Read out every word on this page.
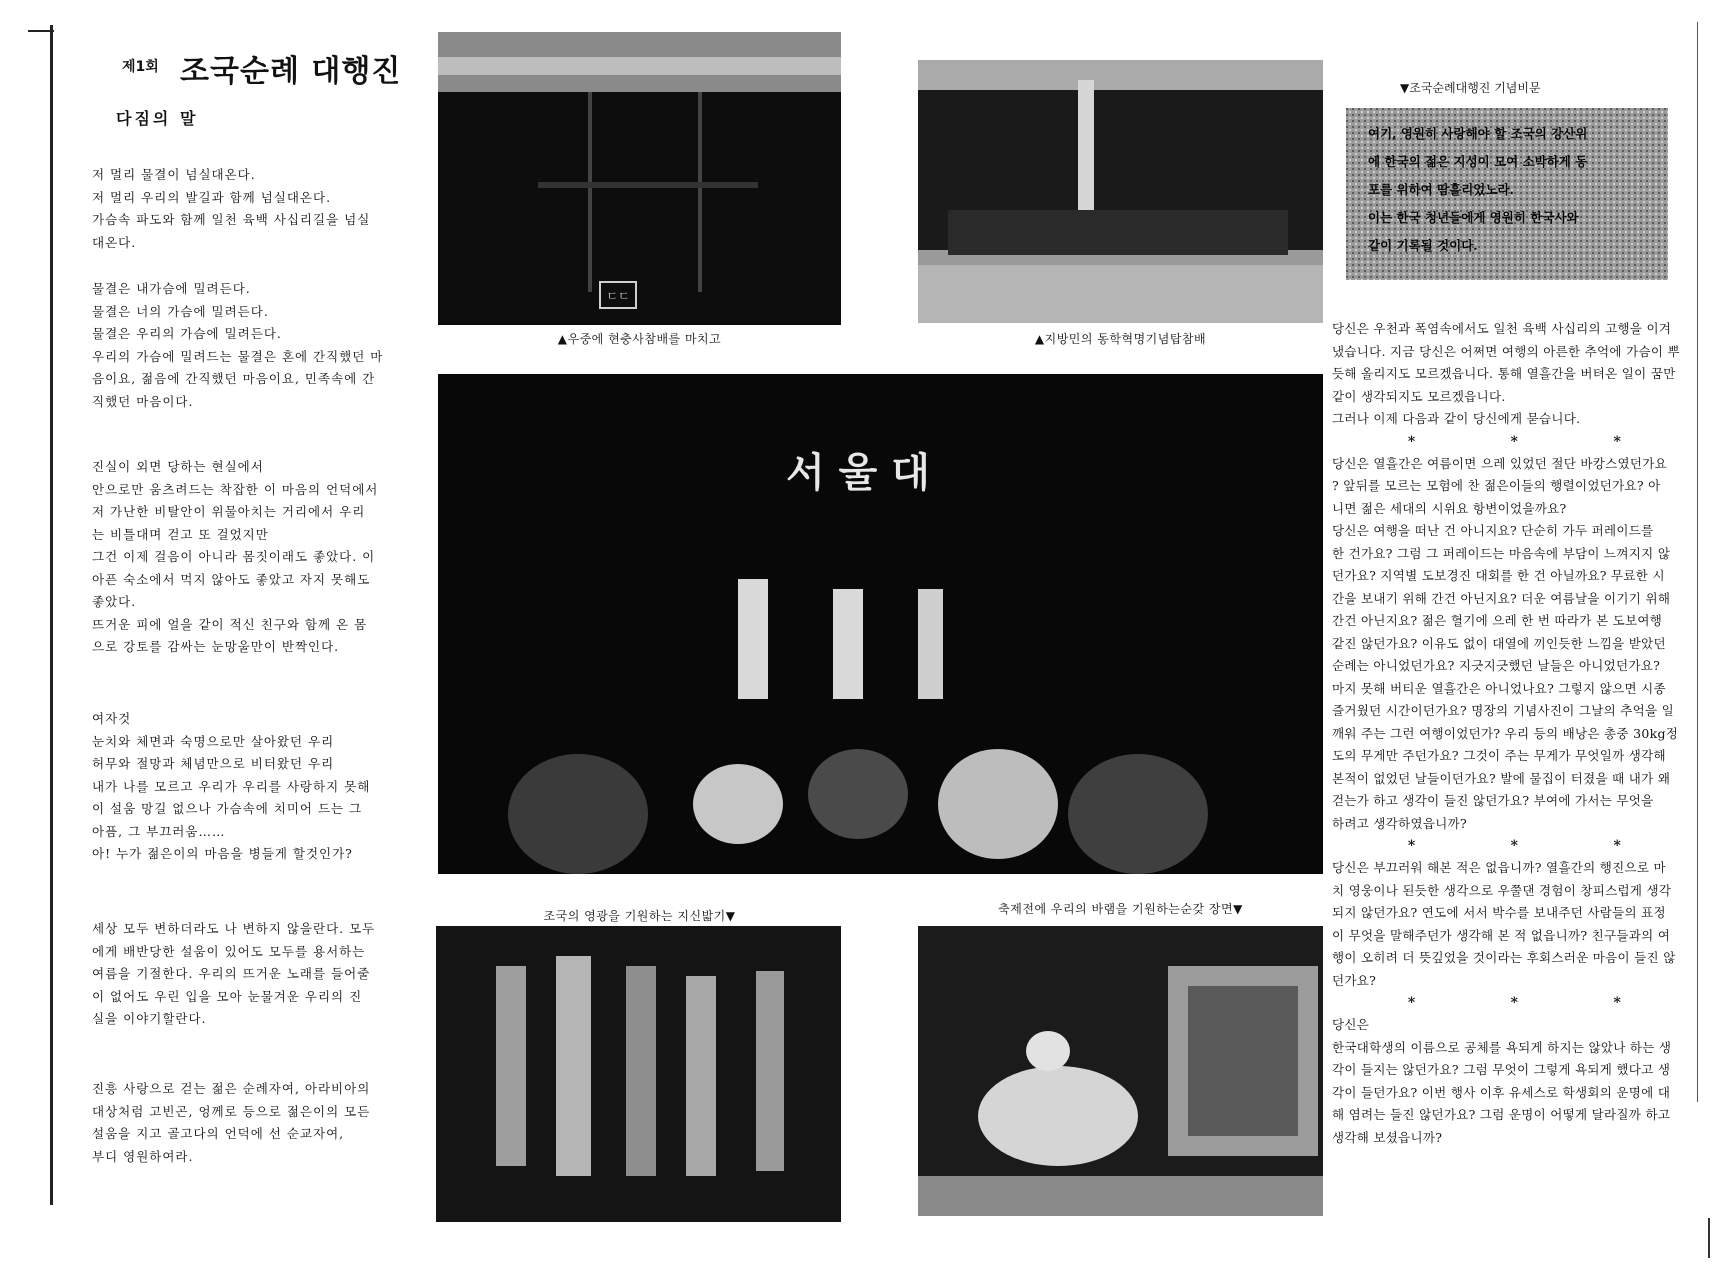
제1회 조국순례 대행진
다짐의 말

저 멀리 물결이 넘실대온다.

저 멀리 우리의 발길과 함께 넘실대온다.

가슴속 파도와 함께 일천 육백 사십리길을 넘실

대온다.

물결은 내가슴에 밀려든다.

물결은 너의 가슴에 밀려든다.

물결은 우리의 가슴에 밀려든다.

우리의 가슴에 밀려드는 물결은 혼에 간직했던 마

음이요, 젊음에 간직했던 마음이요, 민족속에 간

직했던 마음이다.

진실이 외면 당하는 현실에서

안으로만 움츠려드는 착잡한 이 마음의 언덕에서

저 가난한 비탈안이 위물아치는 거리에서 우리

는 비틀대며 걷고 또 걸었지만

그건 이제 걸음이 아니라 몸짓이래도 좋았다. 이

아픈 숙소에서 먹지 않아도 좋았고 자지 못해도

좋았다.

뜨거운 피에 얼을 같이 적신 친구와 함께 온 몸

으로 강토를 감싸는 눈망울만이 반짝인다.

여자것

눈치와 체면과 숙명으로만 살아왔던 우리

허무와 절망과 체념만으로 비터왔던 우리

내가 나를 모르고 우리가 우리를 사랑하지 못해

이 설움 망길 없으나 가슴속에 치미어 드는 그

아픔, 그 부끄러움……

아! 누가 젊은이의 마음을 병들게 할것인가?

세상 모두 변하더라도 나 변하지 않을란다. 모두

에게 배반당한 설움이 있어도 모두를 용서하는

여름을 기절한다. 우리의 뜨거운 노래를 들어줄

이 없어도 우린 입을 모아 눈물겨운 우리의 진

실을 이야기할란다.

진흥 사랑으로 걷는 젊은 순례자여, 아라비아의

대상처럼 고빈곤, 엉께로 등으로 젊은이의 모든

설움을 지고 골고다의 언덕에 선 순교자여,

부디 영원하여라.

ㄷㄷ
▲우중에 현충사참배를 마치고	▲지방민의 동학혁명기념탑참배
서 울 대
조국의 영광을 기원하는 지신밟기▼	축제전에 우리의 바램을 기원하는순갖 장면▼
▼조국순례대행진 기념비문

여기, 영원히 사랑해야 할 조국의 강산위

에 한국의 젊은 지성이 모여 소박하게 동

포를 위하여 땀흘리었노라.

이는 한국 청년들에게 영원히 한국사와

같이 기록될 것이다.

당신은 우천과 폭염속에서도 일천 육백 사십리의 고행을 이겨

냈습니다. 지금 당신은 어쩌면 여행의 아른한 추억에 가슴이 뿌

듯해 올리지도 모르겠읍니다. 통해 열흘간을 버텨온 일이 꿈만

같이 생각되지도 모르겠읍니다.

그러나 이제 다음과 같이 당신에게 묻습니다.

* * *

당신은 열흘간은 여름이면 으레 있었던 절단 바캉스였던가요

? 앞뒤를 모르는 모험에 찬 젊은이들의 행렬이었던가요? 아

니면 젊은 세대의 시위요 항변이었을까요?

당신은 여행을 떠난 건 아니지요? 단순히 가두 퍼레이드를

한 건가요? 그럼 그 퍼레이드는 마음속에 부담이 느껴지지 않

던가요? 지역별 도보경진 대회를 한 건 아닐까요? 무료한 시

간을 보내기 위해 간건 아닌지요? 더운 여름날을 이기기 위해

간건 아닌지요? 젊은 혈기에 으레 한 번 따라가 본 도보여행

같진 않던가요? 이유도 없이 대열에 끼인듯한 느낌을 받았던

순례는 아니었던가요? 지긋지긋했던 날들은 아니었던가요?

마지 못해 버티운 열흘간은 아니었나요? 그렇지 않으면 시종

즐거웠던 시간이던가요? 명장의 기념사진이 그날의 추억을 일

깨워 주는 그런 여행이었던가? 우리 등의 배낭은 총중 30kg정

도의 무게만 주던가요? 그것이 주는 무게가 무엇일까 생각해

본적이 없었던 날들이던가요? 발에 물집이 터졌을 때 내가 왜

걷는가 하고 생각이 들진 않던가요? 부여에 가서는 무엇을

하려고 생각하였읍니까?

* * *

당신은 부끄러워 해본 적은 없읍니까? 열흘간의 행진으로 마

치 영웅이나 된듯한 생각으로 우쭐댄 경험이 창피스럽게 생각

되지 않던가요? 연도에 서서 박수를 보내주던 사람들의 표정

이 무엇을 말해주던가 생각해 본 적 없읍니까? 친구들과의 여

행이 오히려 더 뜻깊었을 것이라는 후회스러운 마음이 들진 않

던가요?

* * *

당신은

한국대학생의 이름으로 공체를 욕되게 하지는 않았나 하는 생

각이 들지는 않던가요? 그럼 무엇이 그렇게 욕되게 했다고 생

각이 들던가요? 이번 행사 이후 유세스로 학생회의 운명에 대

해 염려는 들진 않던가요? 그럼 운명이 어떻게 달라질까 하고

생각해 보셨읍니까?
